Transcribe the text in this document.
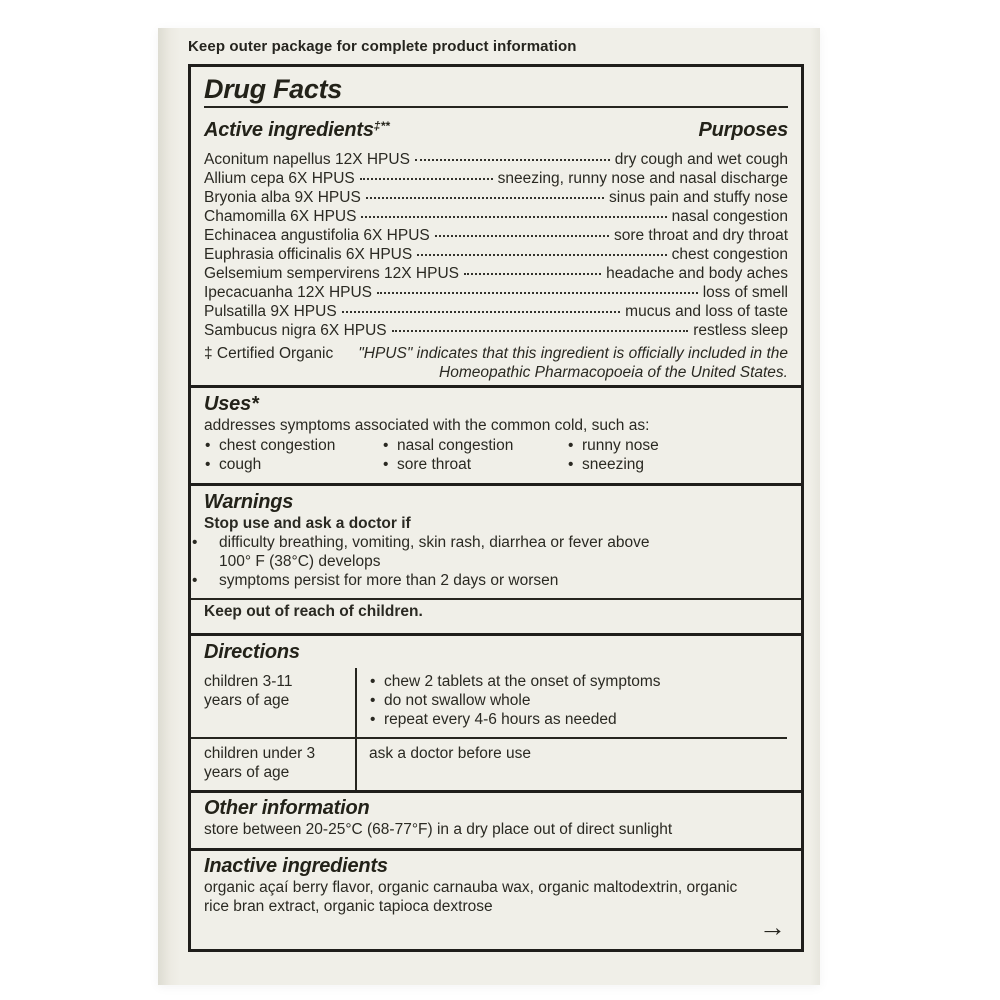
Keep outer package for complete product information
Drug Facts
Active ingredients‡**	Purposes
Aconitum napellus 12X HPUS	dry cough and wet cough
Allium cepa 6X HPUS	sneezing, runny nose and nasal discharge
Bryonia alba 9X HPUS	sinus pain and stuffy nose
Chamomilla 6X HPUS	nasal congestion
Echinacea angustifolia 6X HPUS	sore throat and dry throat
Euphrasia officinalis 6X HPUS	chest congestion
Gelsemium sempervirens 12X HPUS	headache and body aches
Ipecacuanha 12X HPUS	loss of smell
Pulsatilla 9X HPUS	mucus and loss of taste
Sambucus nigra 6X HPUS	restless sleep
‡ Certified Organic	"HPUS" indicates that this ingredient is officially included in the Homeopathic Pharmacopoeia of the United States.
Uses*
addresses symptoms associated with the common cold, such as:
• chest congestion
• cough
• nasal congestion
• sore throat
• runny nose
• sneezing
Warnings
Stop use and ask a doctor if
• difficulty breathing, vomiting, skin rash, diarrhea or fever above 100° F (38°C) develops
• symptoms persist for more than 2 days or worsen
Keep out of reach of children.
Directions
children 3-11 years of age
• chew 2 tablets at the onset of symptoms
• do not swallow whole
• repeat every 4-6 hours as needed
children under 3 years of age
ask a doctor before use
Other information
store between 20-25°C (68-77°F) in a dry place out of direct sunlight
Inactive ingredients
organic açaí berry flavor, organic carnauba wax, organic maltodextrin, organic rice bran extract, organic tapioca dextrose
→
